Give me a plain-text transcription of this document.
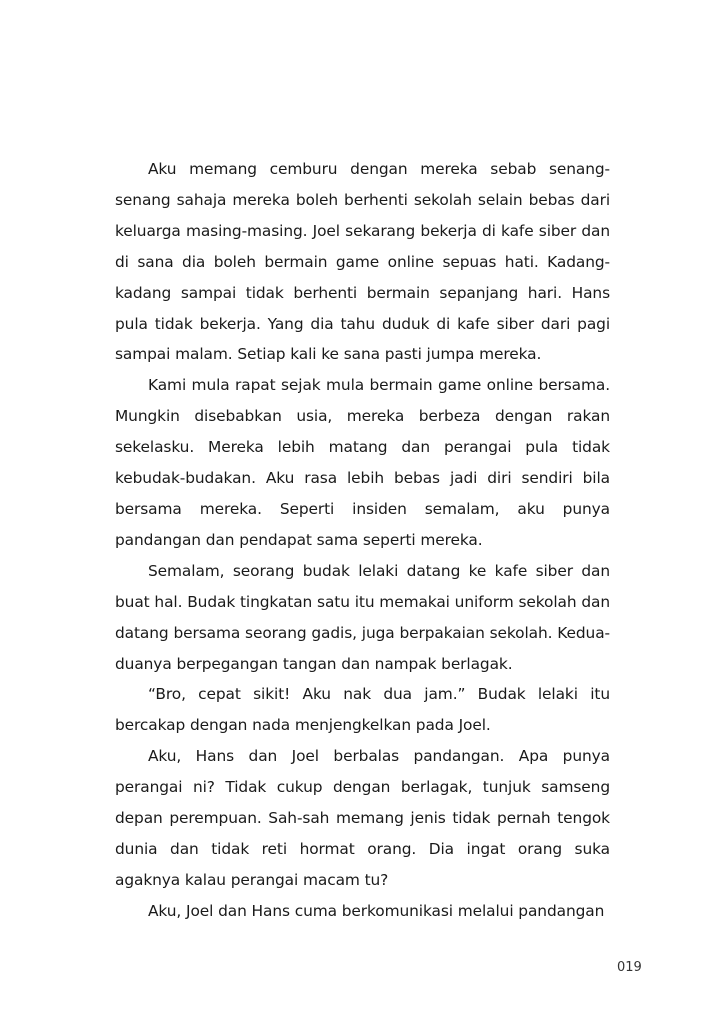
Aku memang cemburu dengan mereka sebab senang-senang sahaja mereka boleh berhenti sekolah selain bebas dari keluarga masing-masing. Joel sekarang bekerja di kafe siber dan di sana dia boleh bermain game online sepuas hati. Kadang-kadang sampai tidak berhenti bermain sepanjang hari. Hans pula tidak bekerja. Yang dia tahu duduk di kafe siber dari pagi sampai malam. Setiap kali ke sana pasti jumpa mereka.

Kami mula rapat sejak mula bermain game online bersama. Mungkin disebabkan usia, mereka berbeza dengan rakan sekelasku. Mereka lebih matang dan perangai pula tidak kebudak-budakan. Aku rasa lebih bebas jadi diri sendiri bila bersama mereka. Seperti insiden semalam, aku punya pandangan dan pendapat sama seperti mereka.

Semalam, seorang budak lelaki datang ke kafe siber dan buat hal. Budak tingkatan satu itu memakai uniform sekolah dan datang bersama seorang gadis, juga berpakaian sekolah. Kedua-duanya berpegangan tangan dan nampak berlagak.

“Bro, cepat sikit! Aku nak dua jam.” Budak lelaki itu bercakap dengan nada menjengkelkan pada Joel.

Aku, Hans dan Joel berbalas pandangan. Apa punya perangai ni? Tidak cukup dengan berlagak, tunjuk samseng depan perempuan. Sah-sah memang jenis tidak pernah tengok dunia dan tidak reti hormat orang. Dia ingat orang suka agaknya kalau perangai macam tu?

Aku, Joel dan Hans cuma berkomunikasi melalui pandangan

019
